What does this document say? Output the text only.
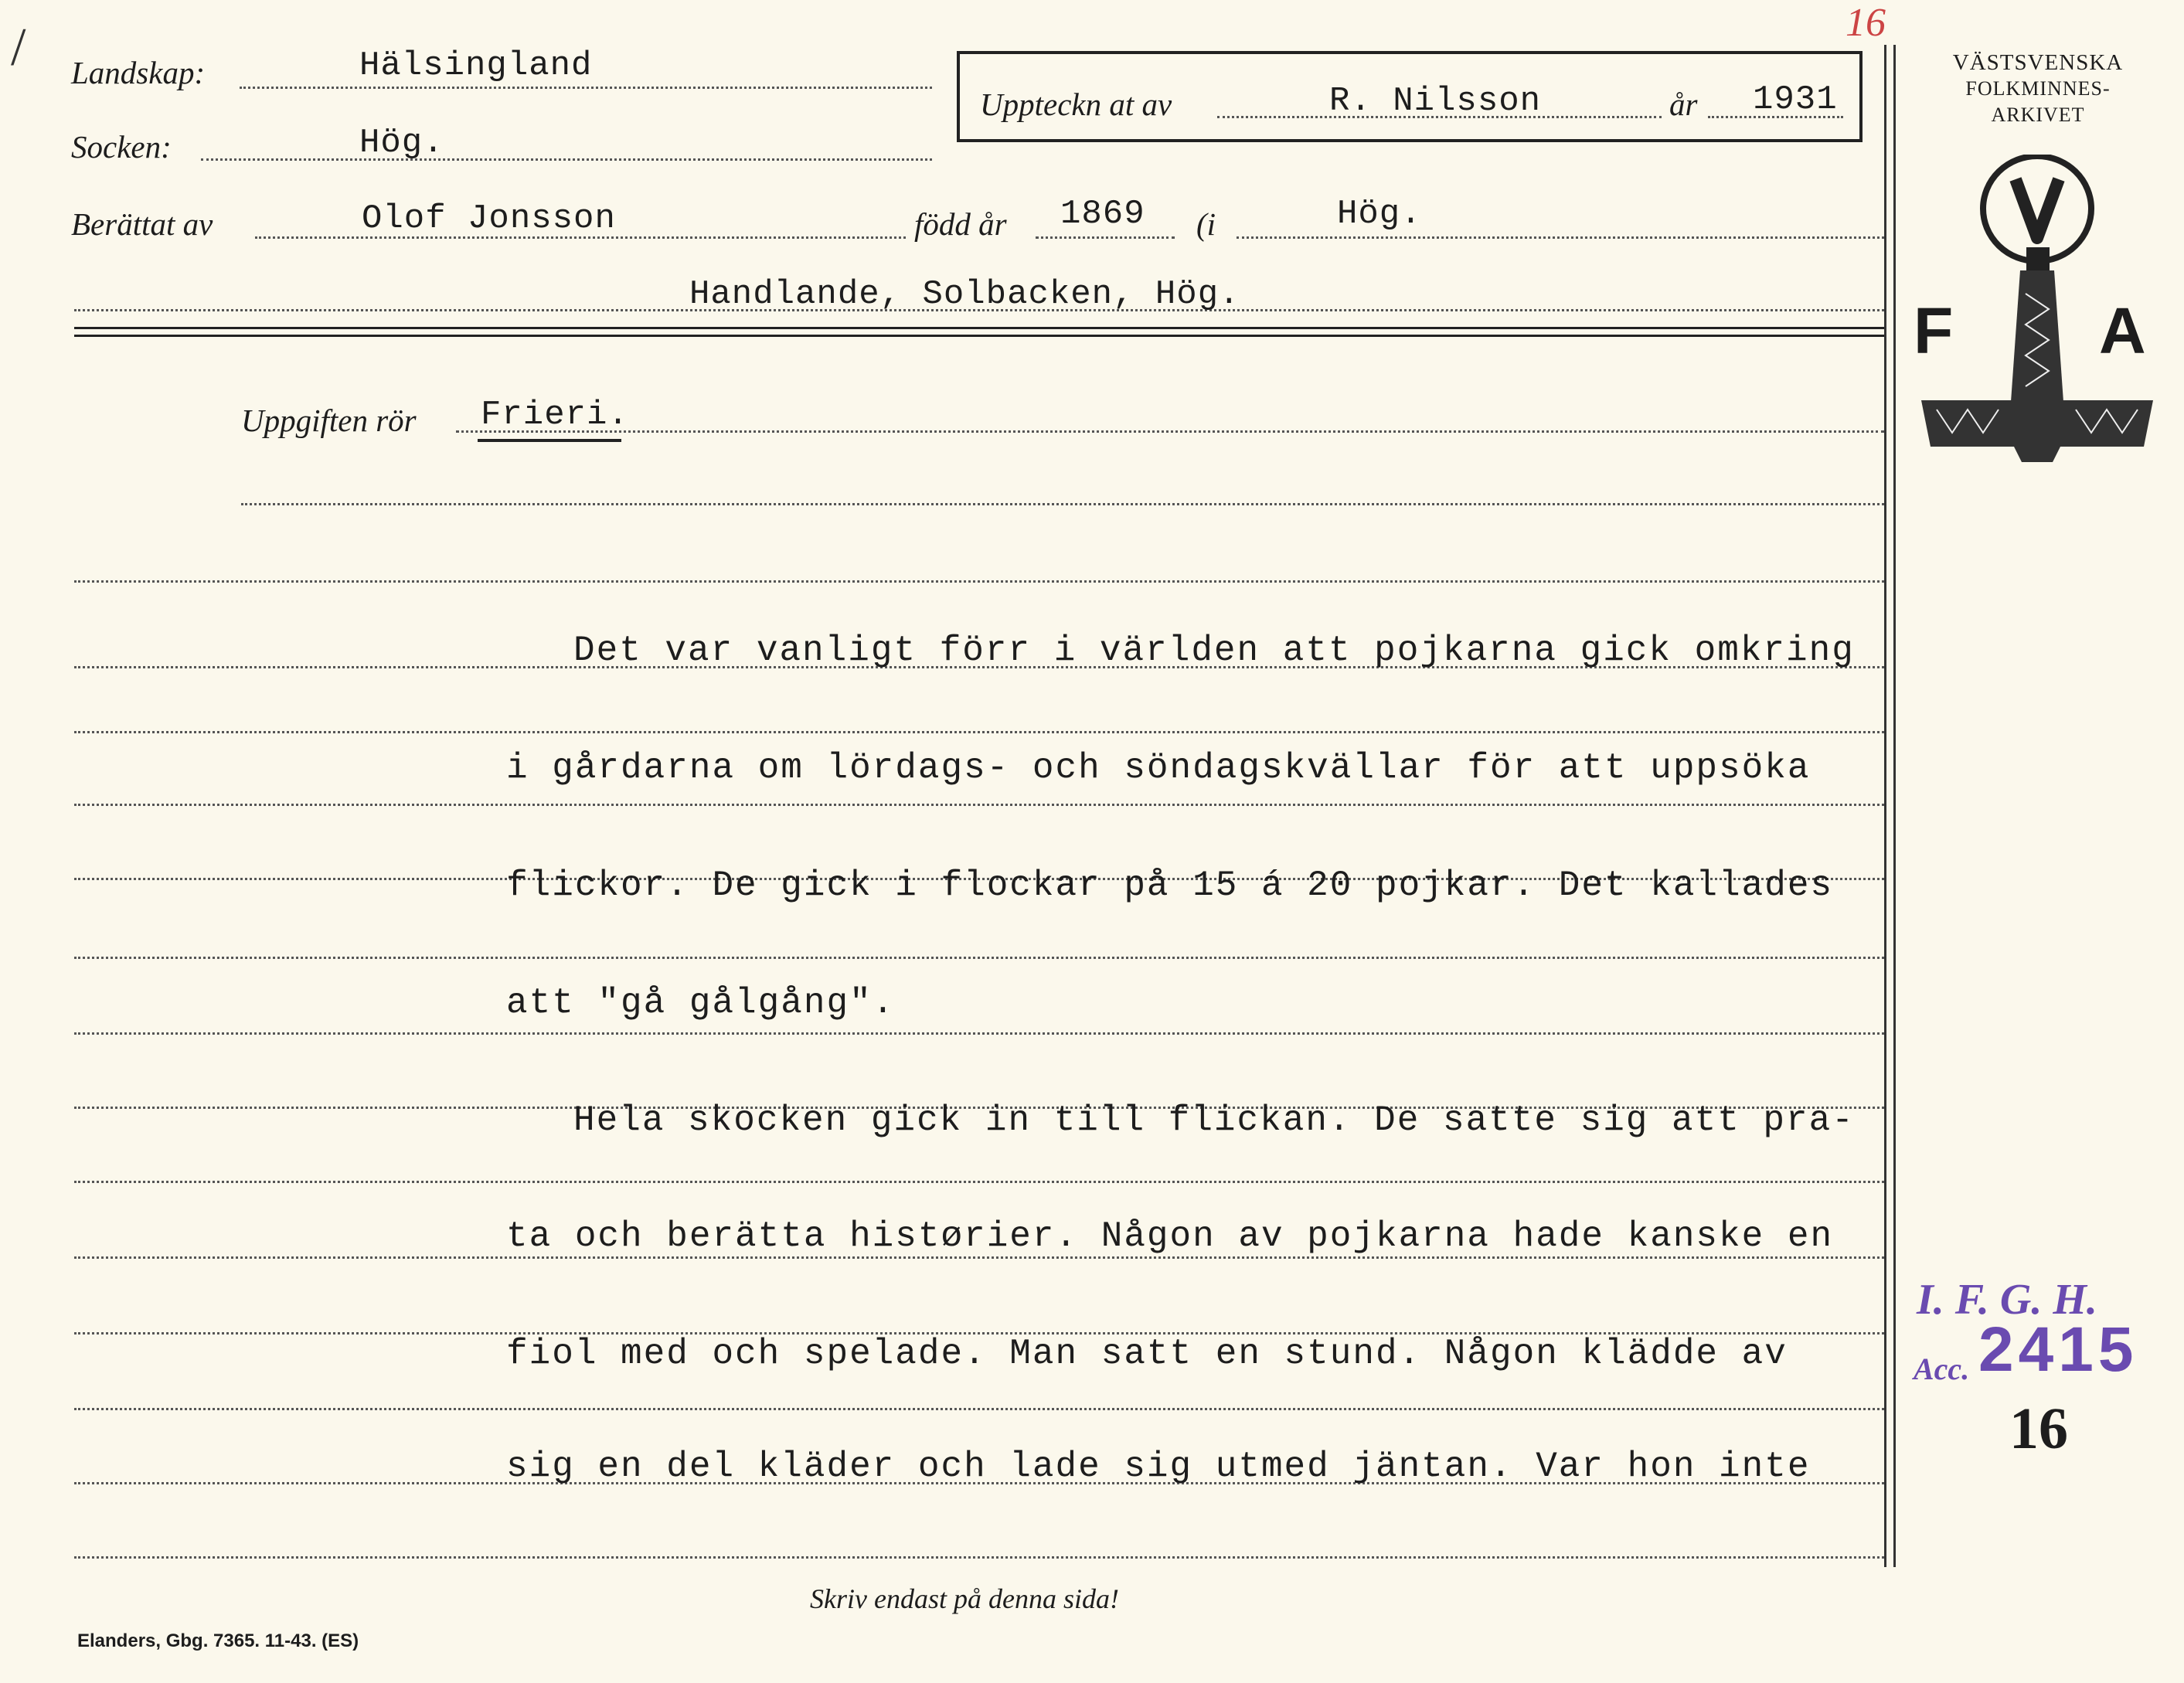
/	16
Landskap:	Hälsingland
Socken:	Hög.
Uppteckn at av	R. Nilsson	år 1931
Berättat av	Olof Jonsson	född år 1869 (i	Hög.
Handlande, Solbacken, Hög.
Uppgiften rör Frieri.
Det var vanligt förr i världen att pojkarna gick omkring
i gårdarna om lördags- och söndagskvällar för att uppsöka
flickor. De gick i flockar på 15 á 20 pojkar. Det kallades
att "gå gålgång".
Hela skocken gick in till flickan. De satte sig att pra-
ta och berätta histørier. Någon av pojkarna hade kanske en
fiol med och spelade. Man satt en stund. Någon klädde av
sig en del kläder och lade sig utmed jäntan. Var hon inte
VÄSTSVENSKA
FOLKMINNES-
ARKIVET
F A
I. F. G. H.
Acc. 2415
16
Skriv endast på denna sida!
Elanders, Gbg. 7365. 11-43. (ES)
